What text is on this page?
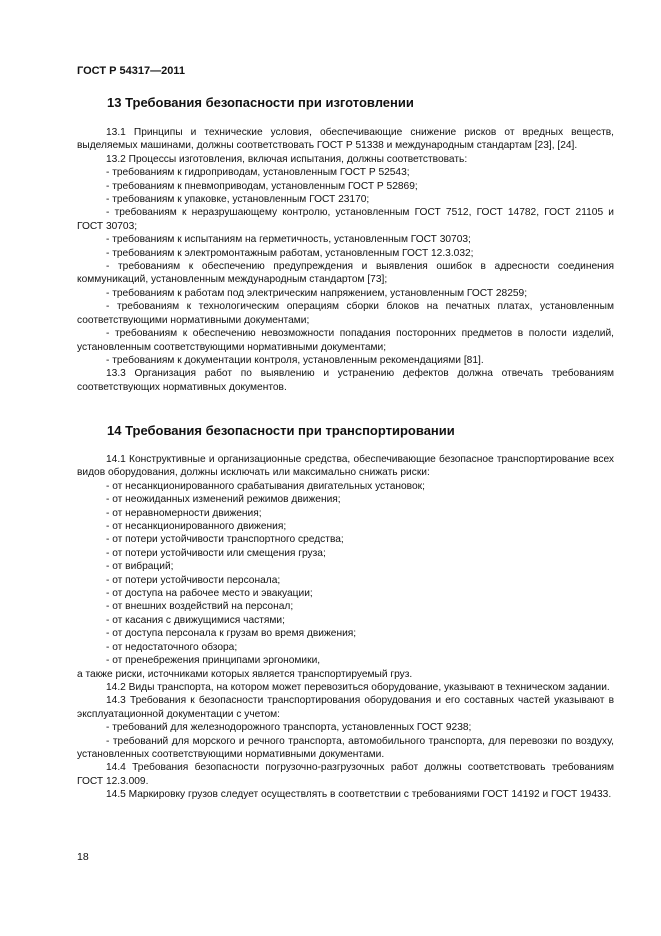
ГОСТ Р 54317—2011
13 Требования безопасности при изготовлении

13.1 Принципы и технические условия, обеспечивающие снижение рисков от вредных веществ, выделяемых машинами, должны соответствовать ГОСТ Р 51338 и международным стандартам [23], [24].

13.2 Процессы изготовления, включая испытания, должны соответствовать:

- требованиям к гидроприводам, установленным ГОСТ Р 52543;

- требованиям к пневмоприводам, установленным ГОСТ Р 52869;

- требованиям к упаковке, установленным ГОСТ 23170;

- требованиям к неразрушающему контролю, установленным ГОСТ 7512, ГОСТ 14782, ГОСТ 21105 и ГОСТ 30703;

- требованиям к испытаниям на герметичность, установленным ГОСТ 30703;

- требованиям к электромонтажным работам, установленным ГОСТ 12.3.032;

- требованиям к обеспечению предупреждения и выявления ошибок в адресности соединения коммуникаций, установленным международным стандартом [73];

- требованиям к работам под электрическим напряжением, установленным ГОСТ 28259;

- требованиям к технологическим операциям сборки блоков на печатных платах, установленным соответствующими нормативными документами;

- требованиям к обеспечению невозможности попадания посторонних предметов в полости изделий, установленным соответствующими нормативными документами;

- требованиям к документации контроля, установленным рекомендациями [81].

13.3 Организация работ по выявлению и устранению дефектов должна отвечать требованиям соответствующих нормативных документов.

14 Требования безопасности при транспортировании

14.1 Конструктивные и организационные средства, обеспечивающие безопасное транспортирование всех видов оборудования, должны исключать или максимально снижать риски:

- от несанкционированного срабатывания двигательных установок;

- от неожиданных изменений режимов движения;

- от неравномерности движения;

- от несанкционированного движения;

- от потери устойчивости транспортного средства;

- от потери устойчивости или смещения груза;

- от вибраций;

- от потери устойчивости персонала;

- от доступа на рабочее место и эвакуации;

- от внешних воздействий на персонал;

- от касания с движущимися частями;

- от доступа персонала к грузам во время движения;

- от недостаточного обзора;

- от пренебрежения принципами эргономики,

а также риски, источниками которых является транспортируемый груз.

14.2 Виды транспорта, на котором может перевозиться оборудование, указывают в техническом задании.

14.3 Требования к безопасности транспортирования оборудования и его составных частей указывают в эксплуатационной документации с учетом:

- требований для железнодорожного транспорта, установленных ГОСТ 9238;

- требований для морского и речного транспорта, автомобильного транспорта, для перевозки по воздуху, установленных соответствующими нормативными документами.

14.4 Требования безопасности погрузочно-разгрузочных работ должны соответствовать требованиям ГОСТ 12.3.009.

14.5 Маркировку грузов следует осуществлять в соответствии с требованиями ГОСТ 14192 и ГОСТ 19433.

18
